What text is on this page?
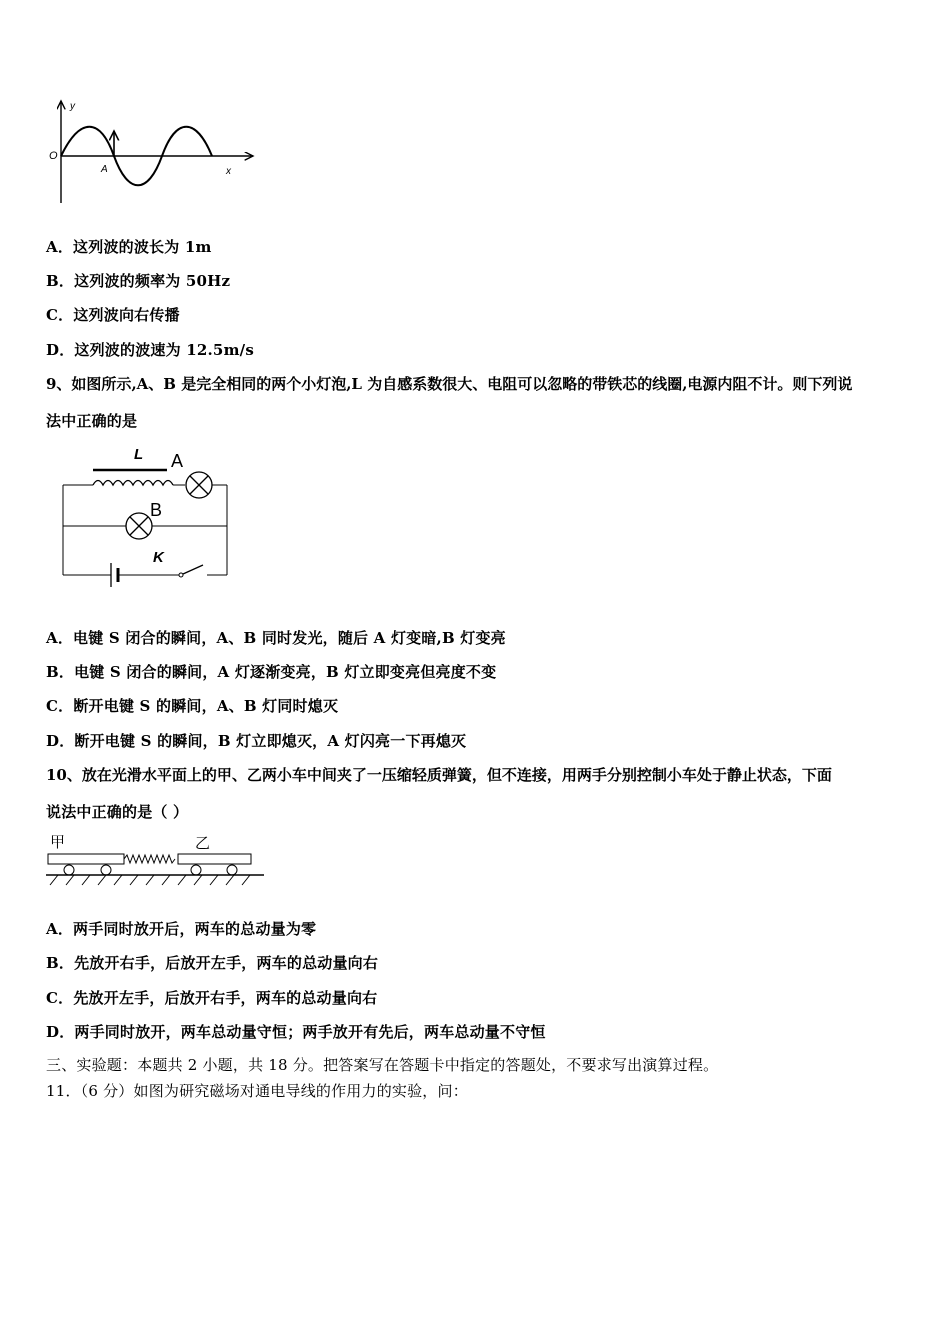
y
O
A	x
A．这列波的波长为 1m
B．这列波的频率为 50Hz
C．这列波向右传播
D．这列波的波速为 12.5m/s
9、如图所示,A、B 是完全相同的两个小灯泡,L 为自感系数很大、电阻可以忽略的带铁芯的线圈,电源内阻不计。则下列说
法中正确的是
L A
B
K
A．电键 S 闭合的瞬间，A、B 同时发光，随后 A 灯变暗,B 灯变亮
B．电键 S 闭合的瞬间，A 灯逐渐变亮，B 灯立即变亮但亮度不变
C．断开电键 S 的瞬间，A、B 灯同时熄灭
D．断开电键 S 的瞬间，B 灯立即熄灭，A 灯闪亮一下再熄灭
10、放在光滑水平面上的甲、乙两小车中间夹了一压缩轻质弹簧，但不连接，用两手分别控制小车处于静止状态，下面
说法中正确的是（ ）
甲	乙
A．两手同时放开后，两车的总动量为零
B．先放开右手，后放开左手，两车的总动量向右
C．先放开左手，后放开右手，两车的总动量向右
D．两手同时放开，两车总动量守恒；两手放开有先后，两车总动量不守恒
三、实验题：本题共 2 小题，共 18 分。把答案写在答题卡中指定的答题处，不要求写出演算过程。
11．（6 分）如图为研究磁场对通电导线的作用力的实验，问：
